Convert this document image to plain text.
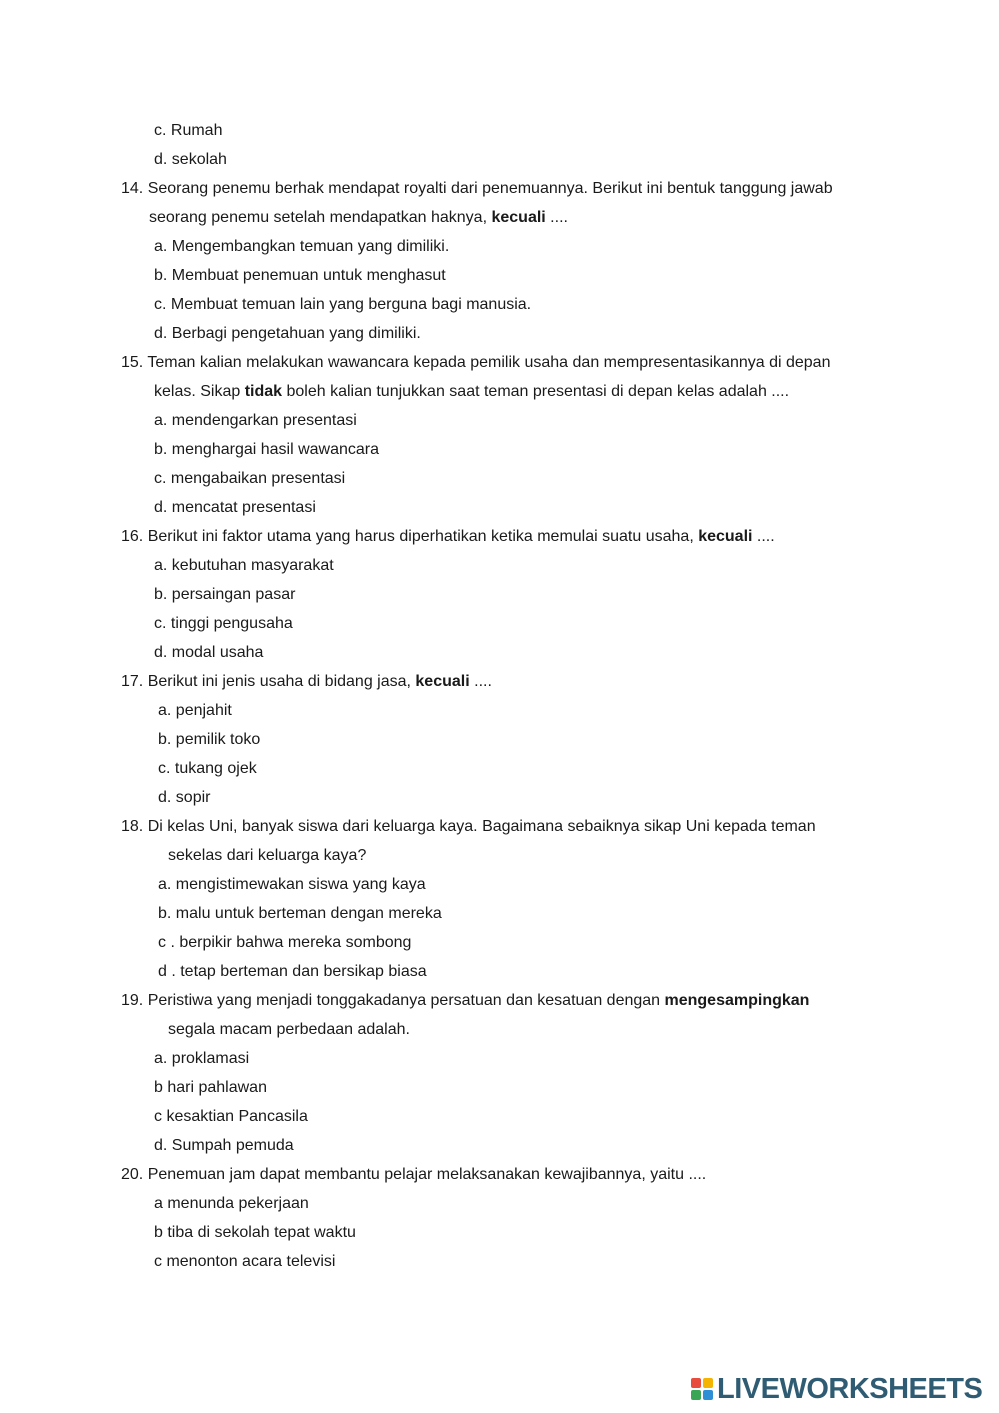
c. Rumah
d. sekolah
14. Seorang penemu berhak mendapat royalti dari penemuannya. Berikut ini bentuk tanggung jawab
seorang penemu setelah mendapatkan haknya, kecuali ....
a. Mengembangkan temuan yang dimiliki.
b. Membuat penemuan untuk menghasut
c. Membuat temuan lain yang berguna bagi manusia.
d. Berbagi pengetahuan yang dimiliki.
15. Teman kalian melakukan wawancara kepada pemilik usaha dan mempresentasikannya di depan
kelas. Sikap tidak boleh kalian tunjukkan saat teman presentasi di depan kelas adalah ....
a. mendengarkan presentasi
b. menghargai hasil wawancara
c. mengabaikan presentasi
d. mencatat presentasi
16. Berikut ini faktor utama yang harus diperhatikan ketika memulai suatu usaha, kecuali ....
a. kebutuhan masyarakat
b. persaingan pasar
c. tinggi pengusaha
d. modal usaha
17. Berikut ini jenis usaha di bidang jasa, kecuali ....
a. penjahit
b. pemilik toko
c. tukang ojek
d. sopir
18. Di kelas Uni, banyak siswa dari keluarga kaya. Bagaimana sebaiknya sikap Uni kepada teman
sekelas dari keluarga kaya?
a. mengistimewakan siswa yang kaya
b. malu untuk berteman dengan mereka
c . berpikir bahwa mereka sombong
d . tetap berteman dan bersikap biasa
19. Peristiwa yang menjadi tonggakadanya persatuan dan kesatuan dengan mengesampingkan
segala macam perbedaan adalah.
a. proklamasi
b hari pahlawan
c kesaktian Pancasila
d. Sumpah pemuda
20. Penemuan jam dapat membantu pelajar melaksanakan kewajibannya, yaitu ....
a menunda pekerjaan
b tiba di sekolah tepat waktu
c menonton acara televisi
LIVEWORKSHEETS
